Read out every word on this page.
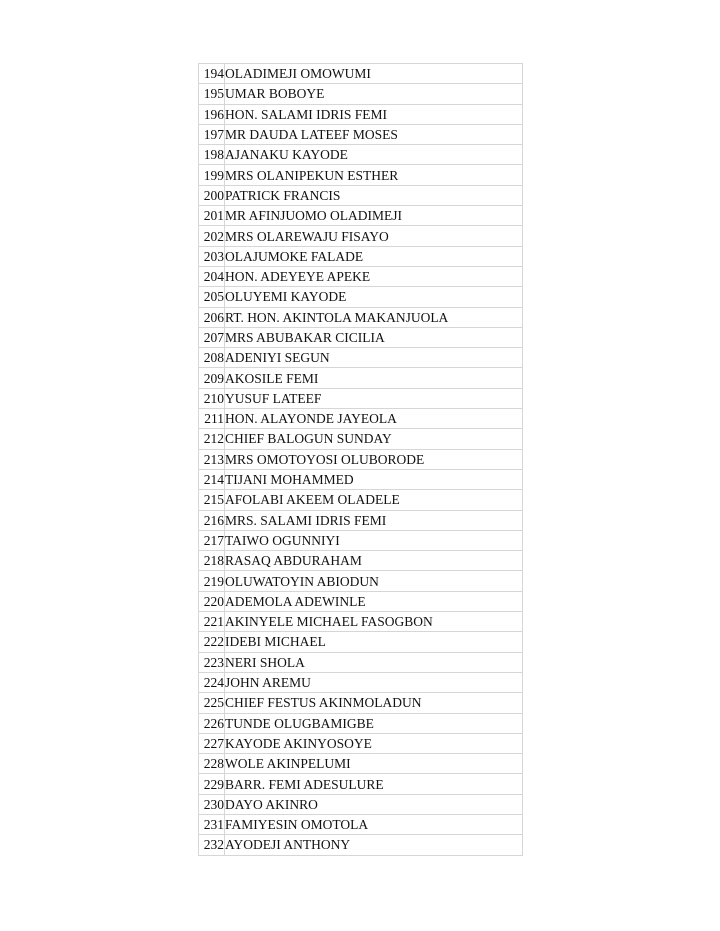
194	OLADIMEJI OMOWUMI
195	UMAR BOBOYE
196	HON. SALAMI IDRIS FEMI
197	MR DAUDA LATEEF MOSES
198	AJANAKU KAYODE
199	MRS OLANIPEKUN ESTHER
200	PATRICK FRANCIS
201	MR AFINJUOMO OLADIMEJI
202	MRS OLAREWAJU FISAYO
203	OLAJUMOKE FALADE
204	HON. ADEYEYE APEKE
205	OLUYEMI KAYODE
206	RT. HON. AKINTOLA MAKANJUOLA
207	MRS ABUBAKAR CICILIA
208	ADENIYI SEGUN
209	AKOSILE FEMI
210	YUSUF LATEEF
211	HON. ALAYONDE JAYEOLA
212	CHIEF BALOGUN SUNDAY
213	MRS OMOTOYOSI OLUBORODE
214	TIJANI MOHAMMED
215	AFOLABI AKEEM OLADELE
216	MRS. SALAMI IDRIS FEMI
217	TAIWO OGUNNIYI
218	RASAQ ABDURAHAM
219	OLUWATOYIN ABIODUN
220	ADEMOLA ADEWINLE
221	AKINYELE MICHAEL FASOGBON
222	IDEBI MICHAEL
223	NERI SHOLA
224	JOHN AREMU
225	CHIEF FESTUS AKINMOLADUN
226	TUNDE OLUGBAMIGBE
227	KAYODE AKINYOSOYE
228	WOLE AKINPELUMI
229	BARR. FEMI ADESULURE
230	DAYO AKINRO
231	FAMIYESIN OMOTOLA
232	AYODEJI ANTHONY
